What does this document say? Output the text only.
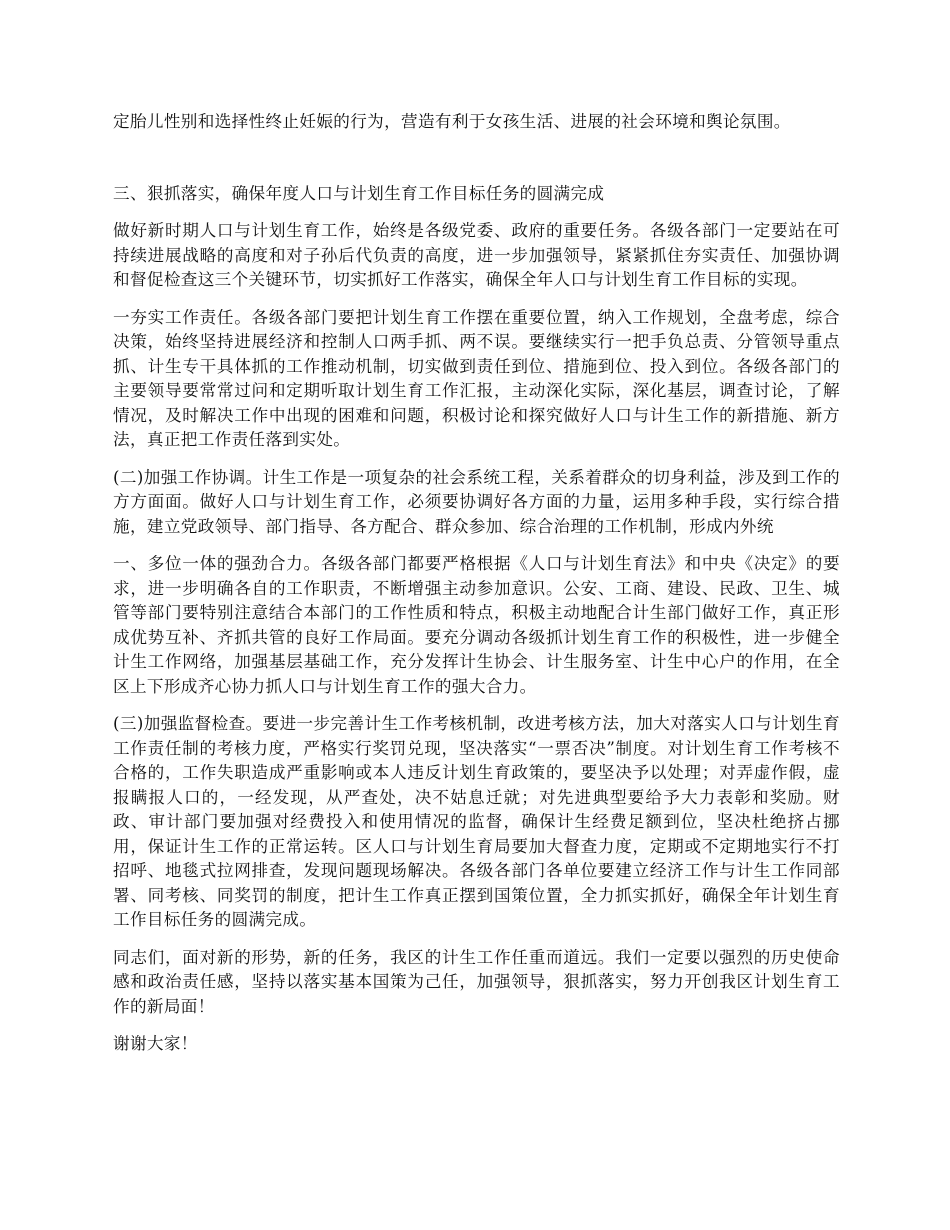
定胎儿性别和选择性终止妊娠的行为，营造有利于女孩生活、进展的社会环境和舆论氛围。

三、狠抓落实，确保年度人口与计划生育工作目标任务的圆满完成

做好新时期人口与计划生育工作，始终是各级党委、政府的重要任务。各级各部门一定要站在可持续进展战略的高度和对子孙后代负责的高度，进一步加强领导，紧紧抓住夯实责任、加强协调和督促检查这三个关键环节，切实抓好工作落实，确保全年人口与计划生育工作目标的实现。

一夯实工作责任。各级各部门要把计划生育工作摆在重要位置，纳入工作规划，全盘考虑，综合决策，始终坚持进展经济和控制人口两手抓、两不误。要继续实行一把手负总责、分管领导重点抓、计生专干具体抓的工作推动机制，切实做到责任到位、措施到位、投入到位。各级各部门的主要领导要常常过问和定期听取计划生育工作汇报，主动深化实际，深化基层，调查讨论，了解情况，及时解决工作中出现的困难和问题，积极讨论和探究做好人口与计生工作的新措施、新方法，真正把工作责任落到实处。

(二)加强工作协调。计生工作是一项复杂的社会系统工程，关系着群众的切身利益，涉及到工作的方方面面。做好人口与计划生育工作，必须要协调好各方面的力量，运用多种手段，实行综合措施，建立党政领导、部门指导、各方配合、群众参加、综合治理的工作机制，形成内外统

一、多位一体的强劲合力。各级各部门都要严格根据《人口与计划生育法》和中央《决定》的要求，进一步明确各自的工作职责，不断增强主动参加意识。公安、工商、建设、民政、卫生、城管等部门要特别注意结合本部门的工作性质和特点，积极主动地配合计生部门做好工作，真正形成优势互补、齐抓共管的良好工作局面。要充分调动各级抓计划生育工作的积极性，进一步健全计生工作网络，加强基层基础工作，充分发挥计生协会、计生服务室、计生中心户的作用，在全区上下形成齐心协力抓人口与计划生育工作的强大合力。

(三)加强监督检查。要进一步完善计生工作考核机制，改进考核方法，加大对落实人口与计划生育工作责任制的考核力度，严格实行奖罚兑现，坚决落实“一票否决”制度。对计划生育工作考核不合格的，工作失职造成严重影响或本人违反计划生育政策的，要坚决予以处理；对弄虚作假，虚报瞒报人口的，一经发现，从严查处，决不姑息迁就；对先进典型要给予大力表彰和奖励。财政、审计部门要加强对经费投入和使用情况的监督，确保计生经费足额到位，坚决杜绝挤占挪用，保证计生工作的正常运转。区人口与计划生育局要加大督查力度，定期或不定期地实行不打招呼、地毯式拉网排查，发现问题现场解决。各级各部门各单位要建立经济工作与计生工作同部署、同考核、同奖罚的制度，把计生工作真正摆到国策位置，全力抓实抓好，确保全年计划生育工作目标任务的圆满完成。

同志们，面对新的形势，新的任务，我区的计生工作任重而道远。我们一定要以强烈的历史使命感和政治责任感，坚持以落实基本国策为己任，加强领导，狠抓落实，努力开创我区计划生育工作的新局面！

谢谢大家！
